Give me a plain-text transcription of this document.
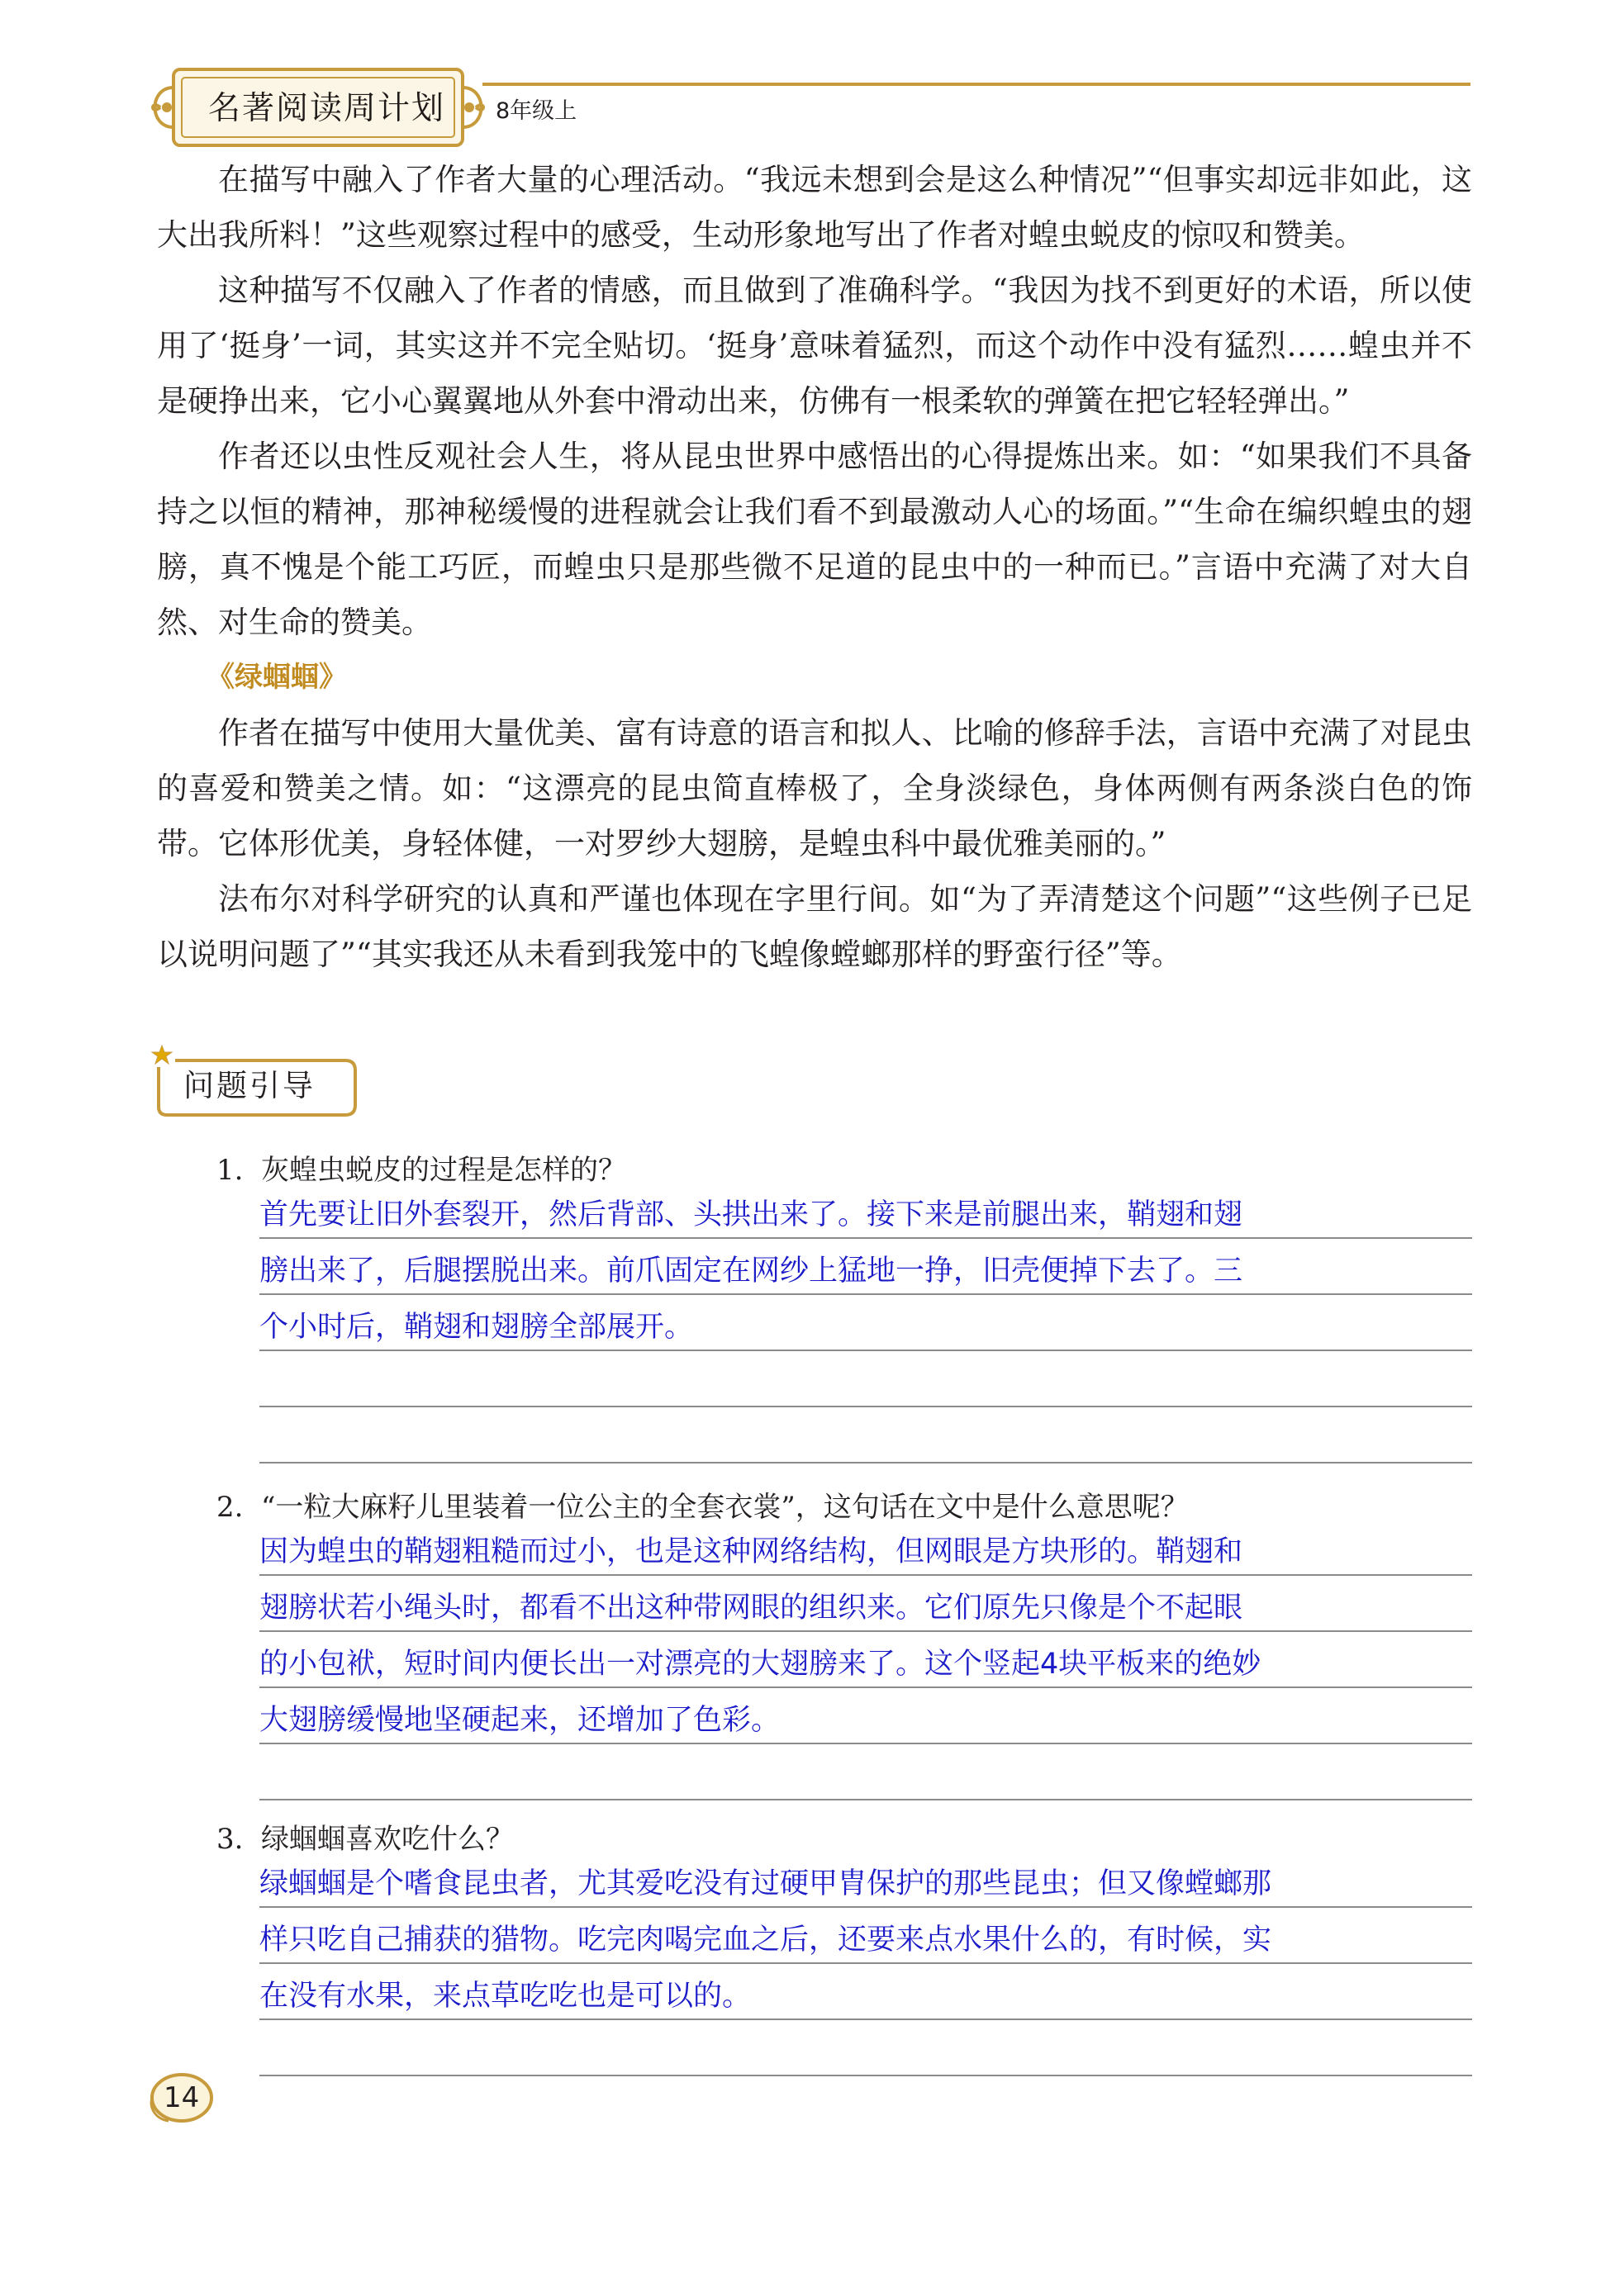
名著阅读周计划 8年级上

在描写中融入了作者大量的心理活动。“我远未想到会是这么种情况”“但事实却远非如此，这大出我所料！”这些观察过程中的感受，生动形象地写出了作者对蝗虫蜕皮的惊叹和赞美。

这种描写不仅融入了作者的情感，而且做到了准确科学。“我因为找不到更好的术语，所以使用了‘挺身’一词，其实这并不完全贴切。‘挺身’意味着猛烈，而这个动作中没有猛烈……蝗虫并不是硬挣出来，它小心翼翼地从外套中滑动出来，仿佛有一根柔软的弹簧在把它轻轻弹出。”

作者还以虫性反观社会人生，将从昆虫世界中感悟出的心得提炼出来。如：“如果我们不具备持之以恒的精神，那神秘缓慢的进程就会让我们看不到最激动人心的场面。”“生命在编织蝗虫的翅膀，真不愧是个能工巧匠，而蝗虫只是那些微不足道的昆虫中的一种而已。”言语中充满了对大自然、对生命的赞美。

《绿蝈蝈》

作者在描写中使用大量优美、富有诗意的语言和拟人、比喻的修辞手法，言语中充满了对昆虫的喜爱和赞美之情。如：“这漂亮的昆虫简直棒极了，全身淡绿色，身体两侧有两条淡白色的饰带。它体形优美，身轻体健，一对罗纱大翅膀，是蝗虫科中最优雅美丽的。”

法布尔对科学研究的认真和严谨也体现在字里行间。如“为了弄清楚这个问题”“这些例子已足以说明问题了”“其实我还从未看到我笼中的飞蝗像螳螂那样的野蛮行径”等。

问题引导
1. 灰蝗虫蜕皮的过程是怎样的？
首先要让旧外套裂开，然后背部、头拱出来了。接下来是前腿出来，鞘翅和翅
膀出来了，后腿摆脱出来。前爪固定在网纱上猛地一挣，旧壳便掉下去了。三
个小时后，鞘翅和翅膀全部展开。
2. “一粒大麻籽儿里装着一位公主的全套衣裳”，这句话在文中是什么意思呢？
因为蝗虫的鞘翅粗糙而过小，也是这种网络结构，但网眼是方块形的。鞘翅和
翅膀状若小绳头时，都看不出这种带网眼的组织来。它们原先只像是个不起眼
的小包袱，短时间内便长出一对漂亮的大翅膀来了。这个竖起4块平板来的绝妙
大翅膀缓慢地坚硬起来，还增加了色彩。
3. 绿蝈蝈喜欢吃什么？
绿蝈蝈是个嗜食昆虫者，尤其爱吃没有过硬甲胄保护的那些昆虫；但又像螳螂那
样只吃自己捕获的猎物。吃完肉喝完血之后，还要来点水果什么的，有时候，实
在没有水果，来点草吃吃也是可以的。
14
